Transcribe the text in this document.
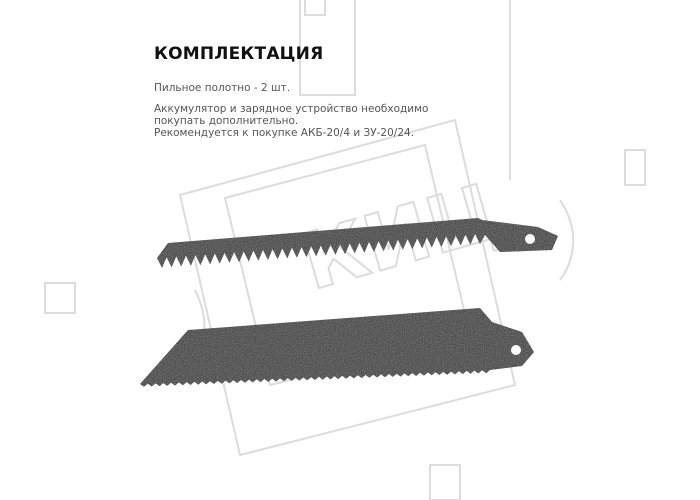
КОМПЛЕКТАЦИЯ
Пильное полотно - 2 шт.
Аккумулятор и зарядное устройство необходимо
покупать дополнительно.
Рекомендуется к покупке АКБ-20/4 и ЗУ-20/24.
